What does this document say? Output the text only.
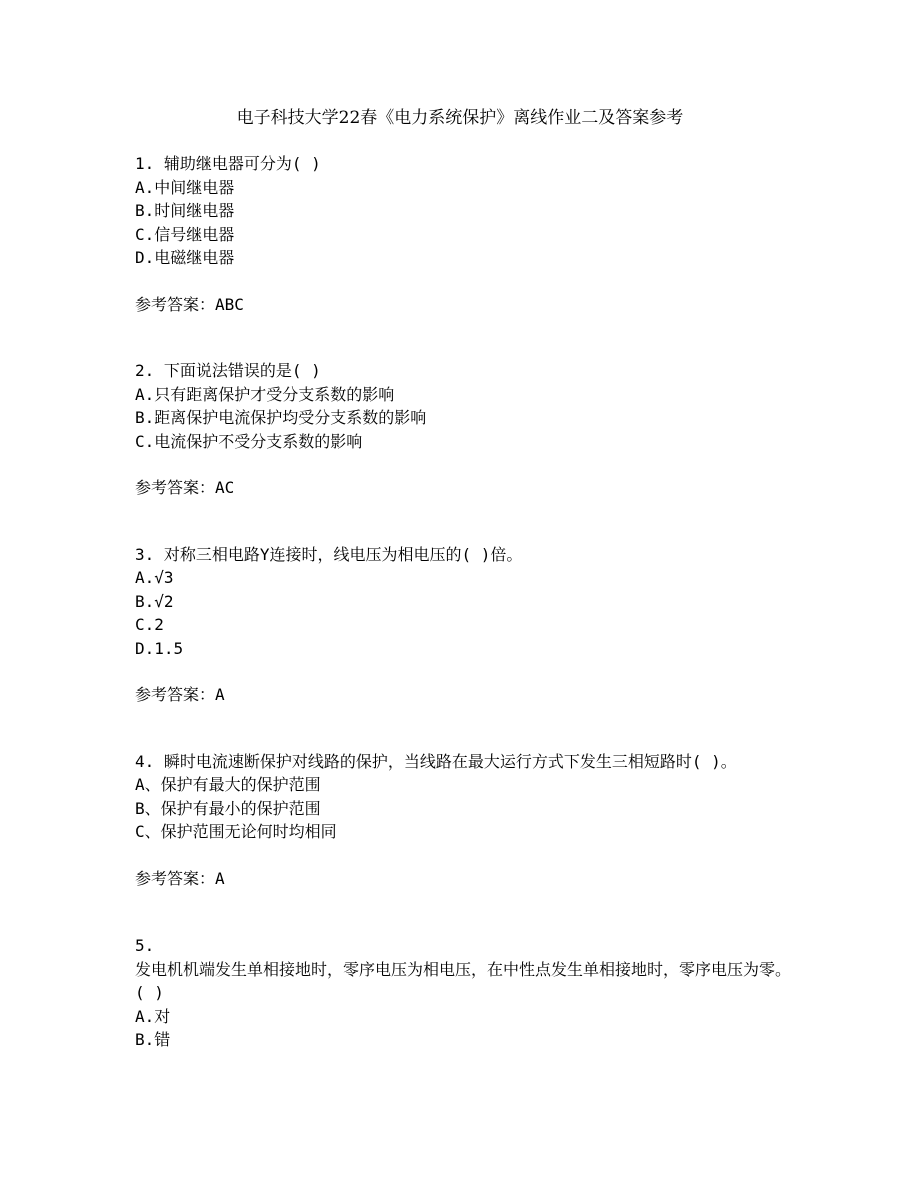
电子科技大学22春《电力系统保护》离线作业二及答案参考
1. 辅助继电器可分为( )
A.中间继电器
B.时间继电器
C.信号继电器
D.电磁继电器
参考答案：ABC
2. 下面说法错误的是( )
A.只有距离保护才受分支系数的影响
B.距离保护电流保护均受分支系数的影响
C.电流保护不受分支系数的影响
参考答案：AC
3. 对称三相电路Y连接时，线电压为相电压的( )倍。
A.√3
B.√2
C.2
D.1.5
参考答案：A
4. 瞬时电流速断保护对线路的保护，当线路在最大运行方式下发生三相短路时( )。
A、保护有最大的保护范围
B、保护有最小的保护范围
C、保护范围无论何时均相同
参考答案：A
5.
发电机机端发生单相接地时，零序电压为相电压，在中性点发生单相接地时，零序电压为零。( )
A.对
B.错
